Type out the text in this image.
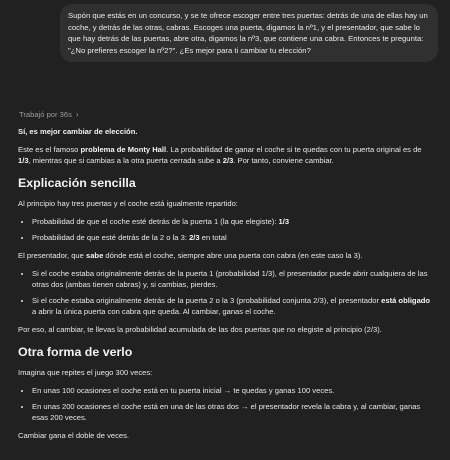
Supón que estás en un concurso, y se te ofrece escoger entre tres puertas: detrás de una de ellas hay un coche, y detrás de las otras, cabras. Escoges una puerta, digamos la nº1, y el presentador, que sabe lo que hay detrás de las puertas, abre otra, digamos la nº3, que contiene una cabra. Entonces te pregunta: "¿No prefieres escoger la nº2?". ¿Es mejor para ti cambiar tu elección?
Trabajó por 36s ›

Sí, es mejor cambiar de elección.

Este es el famoso problema de Monty Hall. La probabilidad de ganar el coche si te quedas con tu puerta original es de 1/3, mientras que si cambias a la otra puerta cerrada sube a 2/3. Por tanto, conviene cambiar.

Explicación sencilla

Al principio hay tres puertas y el coche está igualmente repartido:

• Probabilidad de que el coche esté detrás de la puerta 1 (la que elegiste): 1/3
• Probabilidad de que esté detrás de la 2 o la 3: 2/3 en total

El presentador, que sabe dónde está el coche, siempre abre una puerta con cabra (en este caso la 3).

• Si el coche estaba originalmente detrás de la puerta 1 (probabilidad 1/3), el presentador puede abrir cualquiera de las otras dos (ambas tienen cabras) y, si cambias, pierdes.
• Si el coche estaba originalmente detrás de la puerta 2 o la 3 (probabilidad conjunta 2/3), el presentador está obligado a abrir la única puerta con cabra que queda. Al cambiar, ganas el coche.

Por eso, al cambiar, te llevas la probabilidad acumulada de las dos puertas que no elegiste al principio (2/3).

Otra forma de verlo

Imagina que repites el juego 300 veces:

• En unas 100 ocasiones el coche está en tu puerta inicial → te quedas y ganas 100 veces.
• En unas 200 ocasiones el coche está en una de las otras dos → el presentador revela la cabra y, al cambiar, ganas esas 200 veces.

Cambiar gana el doble de veces.
